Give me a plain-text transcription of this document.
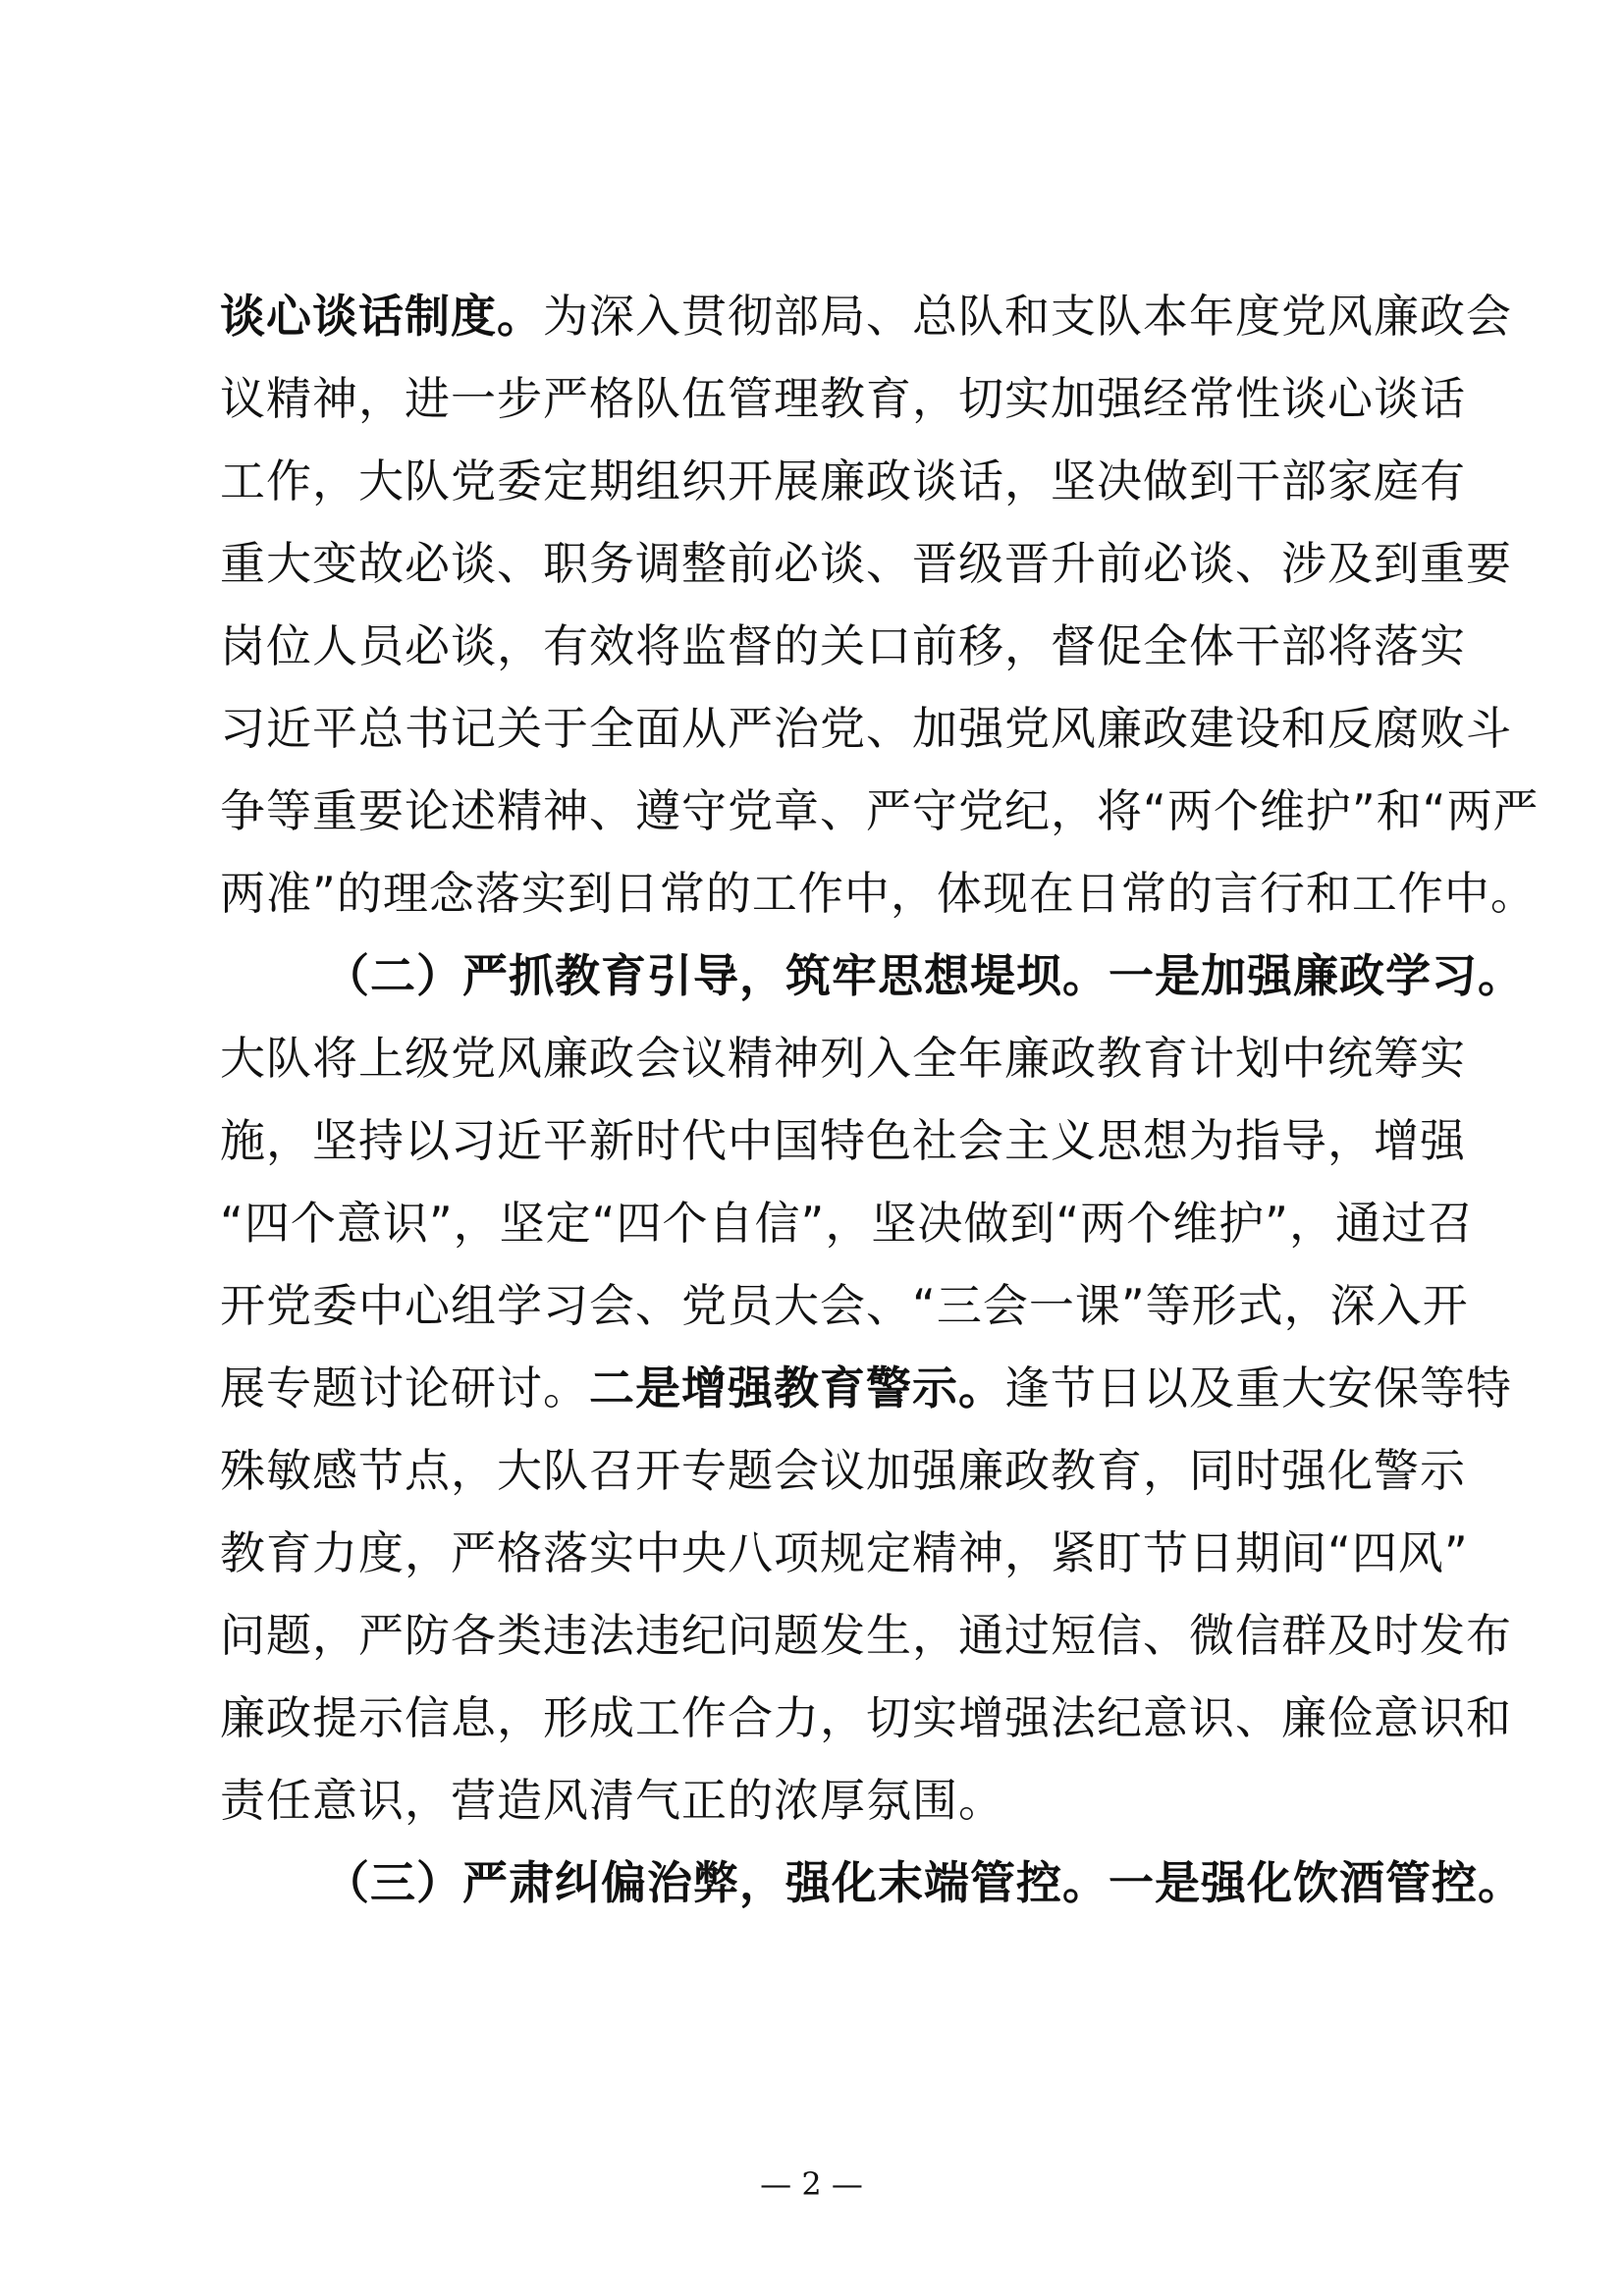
谈心谈话制度。为深入贯彻部局、总队和支队本年度党风廉政会
议精神，进一步严格队伍管理教育，切实加强经常性谈心谈话
工作，大队党委定期组织开展廉政谈话，坚决做到干部家庭有
重大变故必谈、职务调整前必谈、晋级晋升前必谈、涉及到重要
岗位人员必谈，有效将监督的关口前移，督促全体干部将落实
习近平总书记关于全面从严治党、加强党风廉政建设和反腐败斗
争等重要论述精神、遵守党章、严守党纪，将“两个维护”和“两严
两准”的理念落实到日常的工作中，体现在日常的言行和工作中。
（二）严抓教育引导，筑牢思想堤坝。一是加强廉政学习。
大队将上级党风廉政会议精神列入全年廉政教育计划中统筹实
施，坚持以习近平新时代中国特色社会主义思想为指导，增强
“四个意识”，坚定“四个自信”，坚决做到“两个维护”，通过召
开党委中心组学习会、党员大会、“三会一课”等形式，深入开
展专题讨论研讨。二是增强教育警示。逢节日以及重大安保等特
殊敏感节点，大队召开专题会议加强廉政教育，同时强化警示
教育力度，严格落实中央八项规定精神，紧盯节日期间“四风”
问题，严防各类违法违纪问题发生，通过短信、微信群及时发布
廉政提示信息，形成工作合力，切实增强法纪意识、廉俭意识和
责任意识，营造风清气正的浓厚氛围。
（三）严肃纠偏治弊，强化末端管控。一是强化饮酒管控。
— 2 —
